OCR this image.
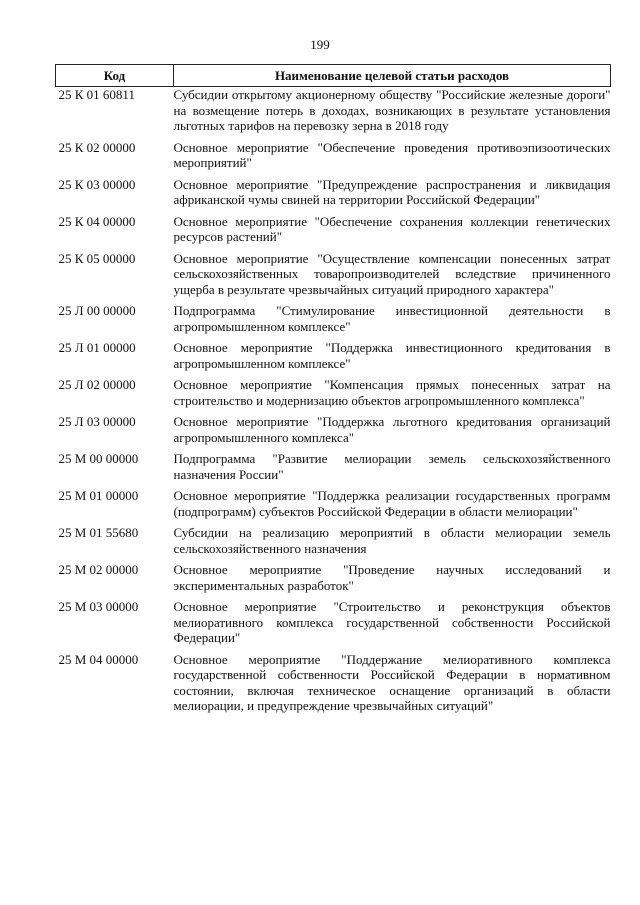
199
Код	Наименование целевой статьи расходов
25 К 01 60811	Субсидии открытому акционерному обществу "Российские железные дороги" на возмещение потерь в доходах, возникающих в результате установления льготных тарифов на перевозку зерна в 2018 году
25 К 02 00000	Основное мероприятие "Обеспечение проведения противоэпизоотических мероприятий"
25 К 03 00000	Основное мероприятие "Предупреждение распространения и ликвидация африканской чумы свиней на территории Российской Федерации"
25 К 04 00000	Основное мероприятие "Обеспечение сохранения коллекции генетических ресурсов растений"
25 К 05 00000	Основное мероприятие "Осуществление компенсации понесенных затрат сельскохозяйственных товаропроизводителей вследствие причиненного ущерба в результате чрезвычайных ситуаций природного характера"
25 Л 00 00000	Подпрограмма "Стимулирование инвестиционной деятельности в агропромышленном комплексе"
25 Л 01 00000	Основное мероприятие "Поддержка инвестиционного кредитования в агропромышленном комплексе"
25 Л 02 00000	Основное мероприятие "Компенсация прямых понесенных затрат на строительство и модернизацию объектов агропромышленного комплекса"
25 Л 03 00000	Основное мероприятие "Поддержка льготного кредитования организаций агропромышленного комплекса"
25 М 00 00000	Подпрограмма "Развитие мелиорации земель сельскохозяйственного назначения России"
25 М 01 00000	Основное мероприятие "Поддержка реализации государственных программ (подпрограмм) субъектов Российской Федерации в области мелиорации"
25 М 01 55680	Субсидии на реализацию мероприятий в области мелиорации земель сельскохозяйственного назначения
25 М 02 00000	Основное мероприятие "Проведение научных исследований и экспериментальных разработок"
25 М 03 00000	Основное мероприятие "Строительство и реконструкция объектов мелиоративного комплекса государственной собственности Российской Федерации"
25 М 04 00000	Основное мероприятие "Поддержание мелиоративного комплекса государственной собственности Российской Федерации в нормативном состоянии, включая техническое оснащение организаций в области мелиорации, и предупреждение чрезвычайных ситуаций"
